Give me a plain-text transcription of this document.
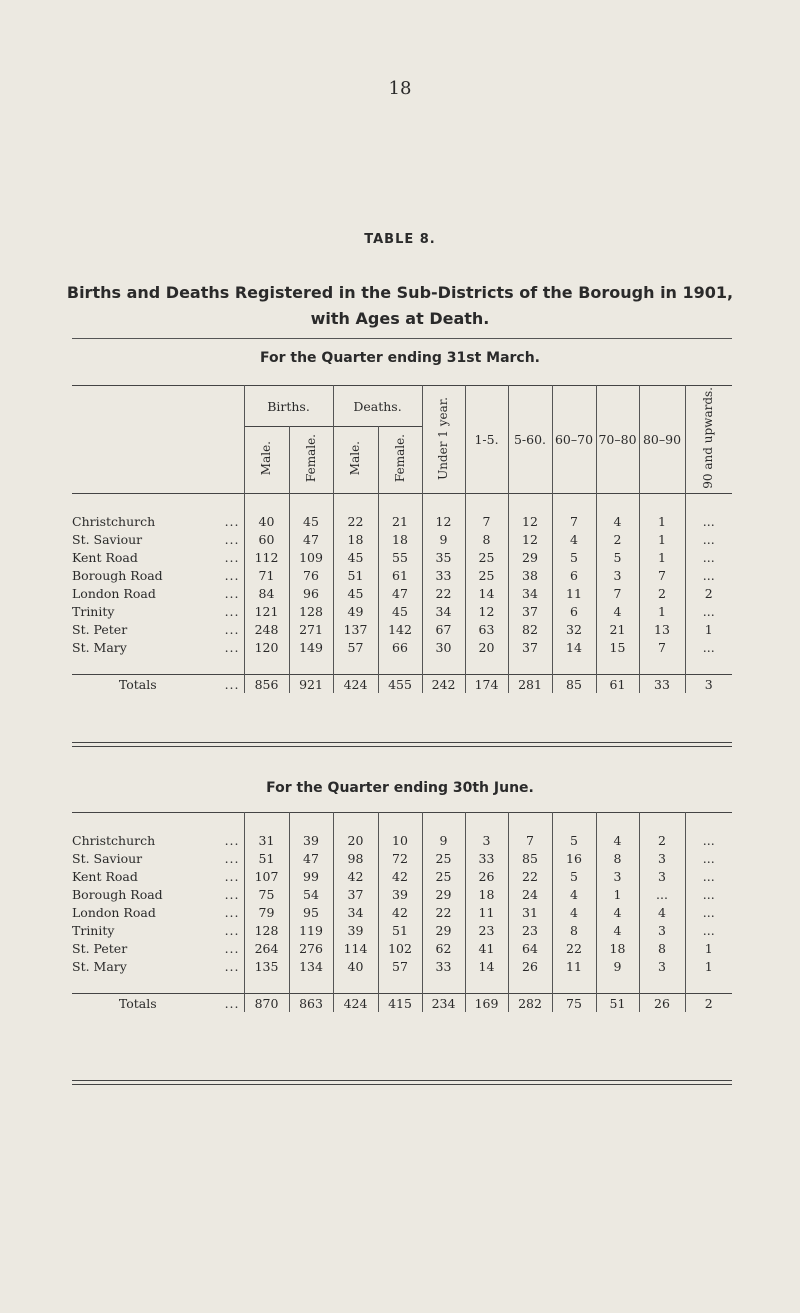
18
TABLE 8.
Births and Deaths Registered in the Sub-Districts of the Borough in 1901, with Ages at Death.
For the Quarter ending 31st March.
	Births.		Deaths.		Under 1 year.	1-5.	5-60.	60–70	70–80	80–90	90 and upwards.
	Male.	Female.	Male.	Female.							

Christchurch ...	40	45	22	21	12	7	12	7	4	1	...
St. Saviour ...	60	47	18	18	9	8	12	4	2	1	...
Kent Road ...	112	109	45	55	35	25	29	5	5	1	...
Borough Road ...	71	76	51	61	33	25	38	6	3	7	...
London Road ...	84	96	45	47	22	14	34	11	7	2	2
Trinity ...	121	128	49	45	34	12	37	6	4	1	...
St. Peter ...	248	271	137	142	67	63	82	32	21	13	1
St. Mary ...	120	149	57	66	30	20	37	14	15	7	...

Totals ...	856	921	424	455	242	174	281	85	61	33	3
For the Quarter ending 30th June.

Christchurch ...	31	39	20	10	9	3	7	5	4	2	...
St. Saviour ...	51	47	98	72	25	33	85	16	8	3	...
Kent Road ...	107	99	42	42	25	26	22	5	3	3	...
Borough Road ...	75	54	37	39	29	18	24	4	1	...	...
London Road ...	79	95	34	42	22	11	31	4	4	4	...
Trinity ...	128	119	39	51	29	23	23	8	4	3	...
St. Peter ...	264	276	114	102	62	41	64	22	18	8	1
St. Mary ...	135	134	40	57	33	14	26	11	9	3	1

Totals ...	870	863	424	415	234	169	282	75	51	26	2
